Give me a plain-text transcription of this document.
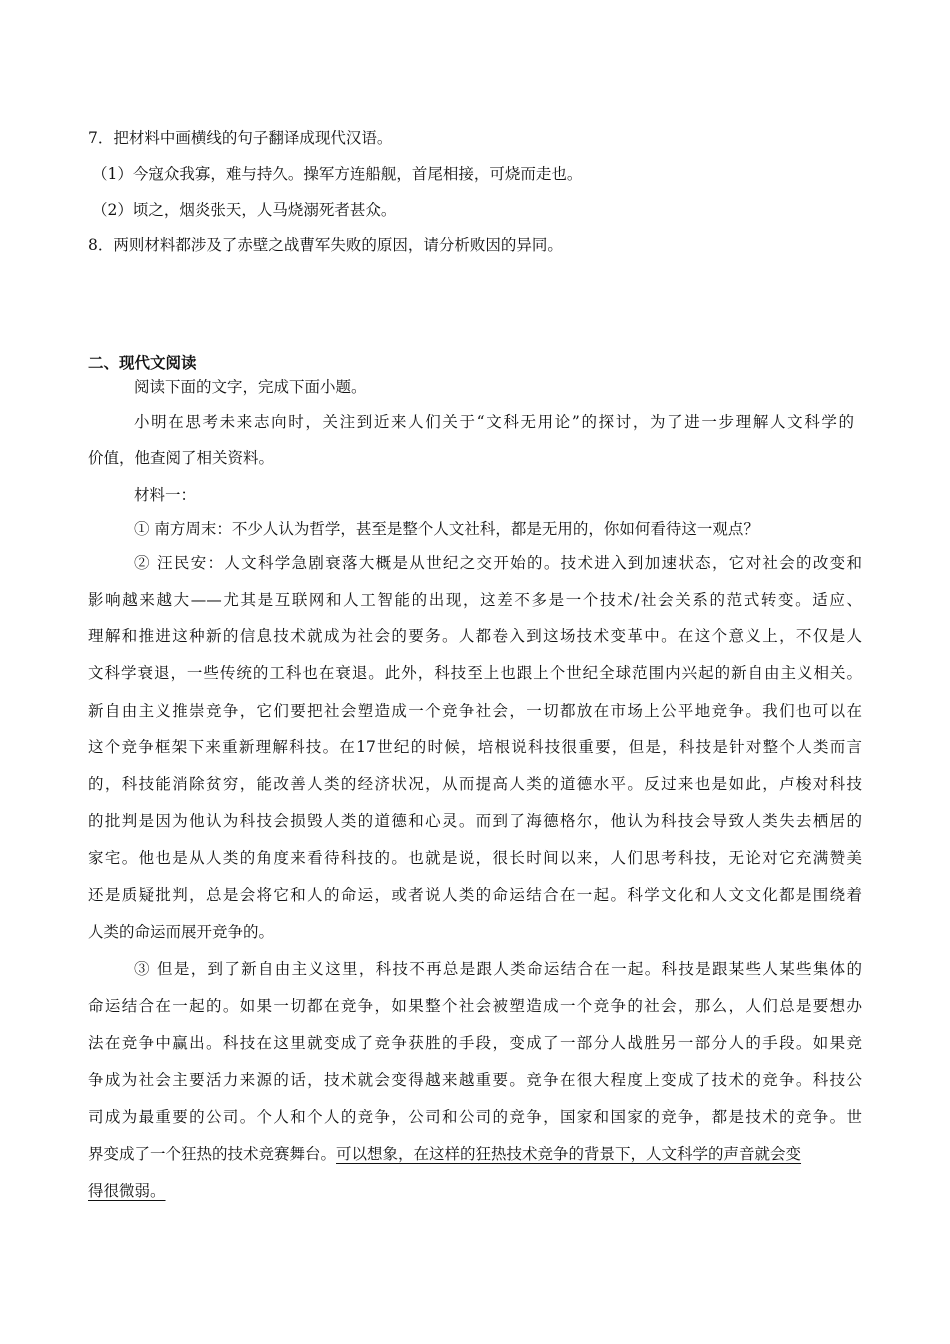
7．把材料中画横线的句子翻译成现代汉语。
（1）今寇众我寡，难与持久。操军方连船舰，首尾相接，可烧而走也。
（2）顷之，烟炎张天，人马烧溺死者甚众。
8．两则材料都涉及了赤壁之战曹军失败的原因，请分析败因的异同。
二、现代文阅读
阅读下面的文字，完成下面小题。
小明在思考未来志向时，关注到近来人们关于“文科无用论”的探讨，为了进一步理解人文科学的
价值，他查阅了相关资料。
材料一：
① 南方周末：不少人认为哲学，甚至是整个人文社科，都是无用的，你如何看待这一观点？
② 汪民安：人文科学急剧衰落大概是从世纪之交开始的。技术进入到加速状态，它对社会的改变和
影响越来越大——尤其是互联网和人工智能的出现，这差不多是一个技术/社会关系的范式转变。适应、
理解和推进这种新的信息技术就成为社会的要务。人都卷入到这场技术变革中。在这个意义上，不仅是人
文科学衰退，一些传统的工科也在衰退。此外，科技至上也跟上个世纪全球范围内兴起的新自由主义相关。
新自由主义推崇竞争，它们要把社会塑造成一个竞争社会，一切都放在市场上公平地竞争。我们也可以在
这个竞争框架下来重新理解科技。在17世纪的时候，培根说科技很重要，但是，科技是针对整个人类而言
的，科技能消除贫穷，能改善人类的经济状况，从而提高人类的道德水平。反过来也是如此，卢梭对科技
的批判是因为他认为科技会损毁人类的道德和心灵。而到了海德格尔，他认为科技会导致人类失去栖居的
家宅。他也是从人类的角度来看待科技的。也就是说，很长时间以来，人们思考科技，无论对它充满赞美
还是质疑批判，总是会将它和人的命运，或者说人类的命运结合在一起。科学文化和人文文化都是围绕着
人类的命运而展开竞争的。
③ 但是，到了新自由主义这里，科技不再总是跟人类命运结合在一起。科技是跟某些人某些集体的
命运结合在一起的。如果一切都在竞争，如果整个社会被塑造成一个竞争的社会，那么，人们总是要想办
法在竞争中赢出。科技在这里就变成了竞争获胜的手段，变成了一部分人战胜另一部分人的手段。如果竞
争成为社会主要活力来源的话，技术就会变得越来越重要。竞争在很大程度上变成了技术的竞争。科技公
司成为最重要的公司。个人和个人的竞争，公司和公司的竞争，国家和国家的竞争，都是技术的竞争。世
界变成了一个狂热的技术竞赛舞台。可以想象，在这样的狂热技术竞争的背景下，人文科学的声音就会变
得很微弱。
